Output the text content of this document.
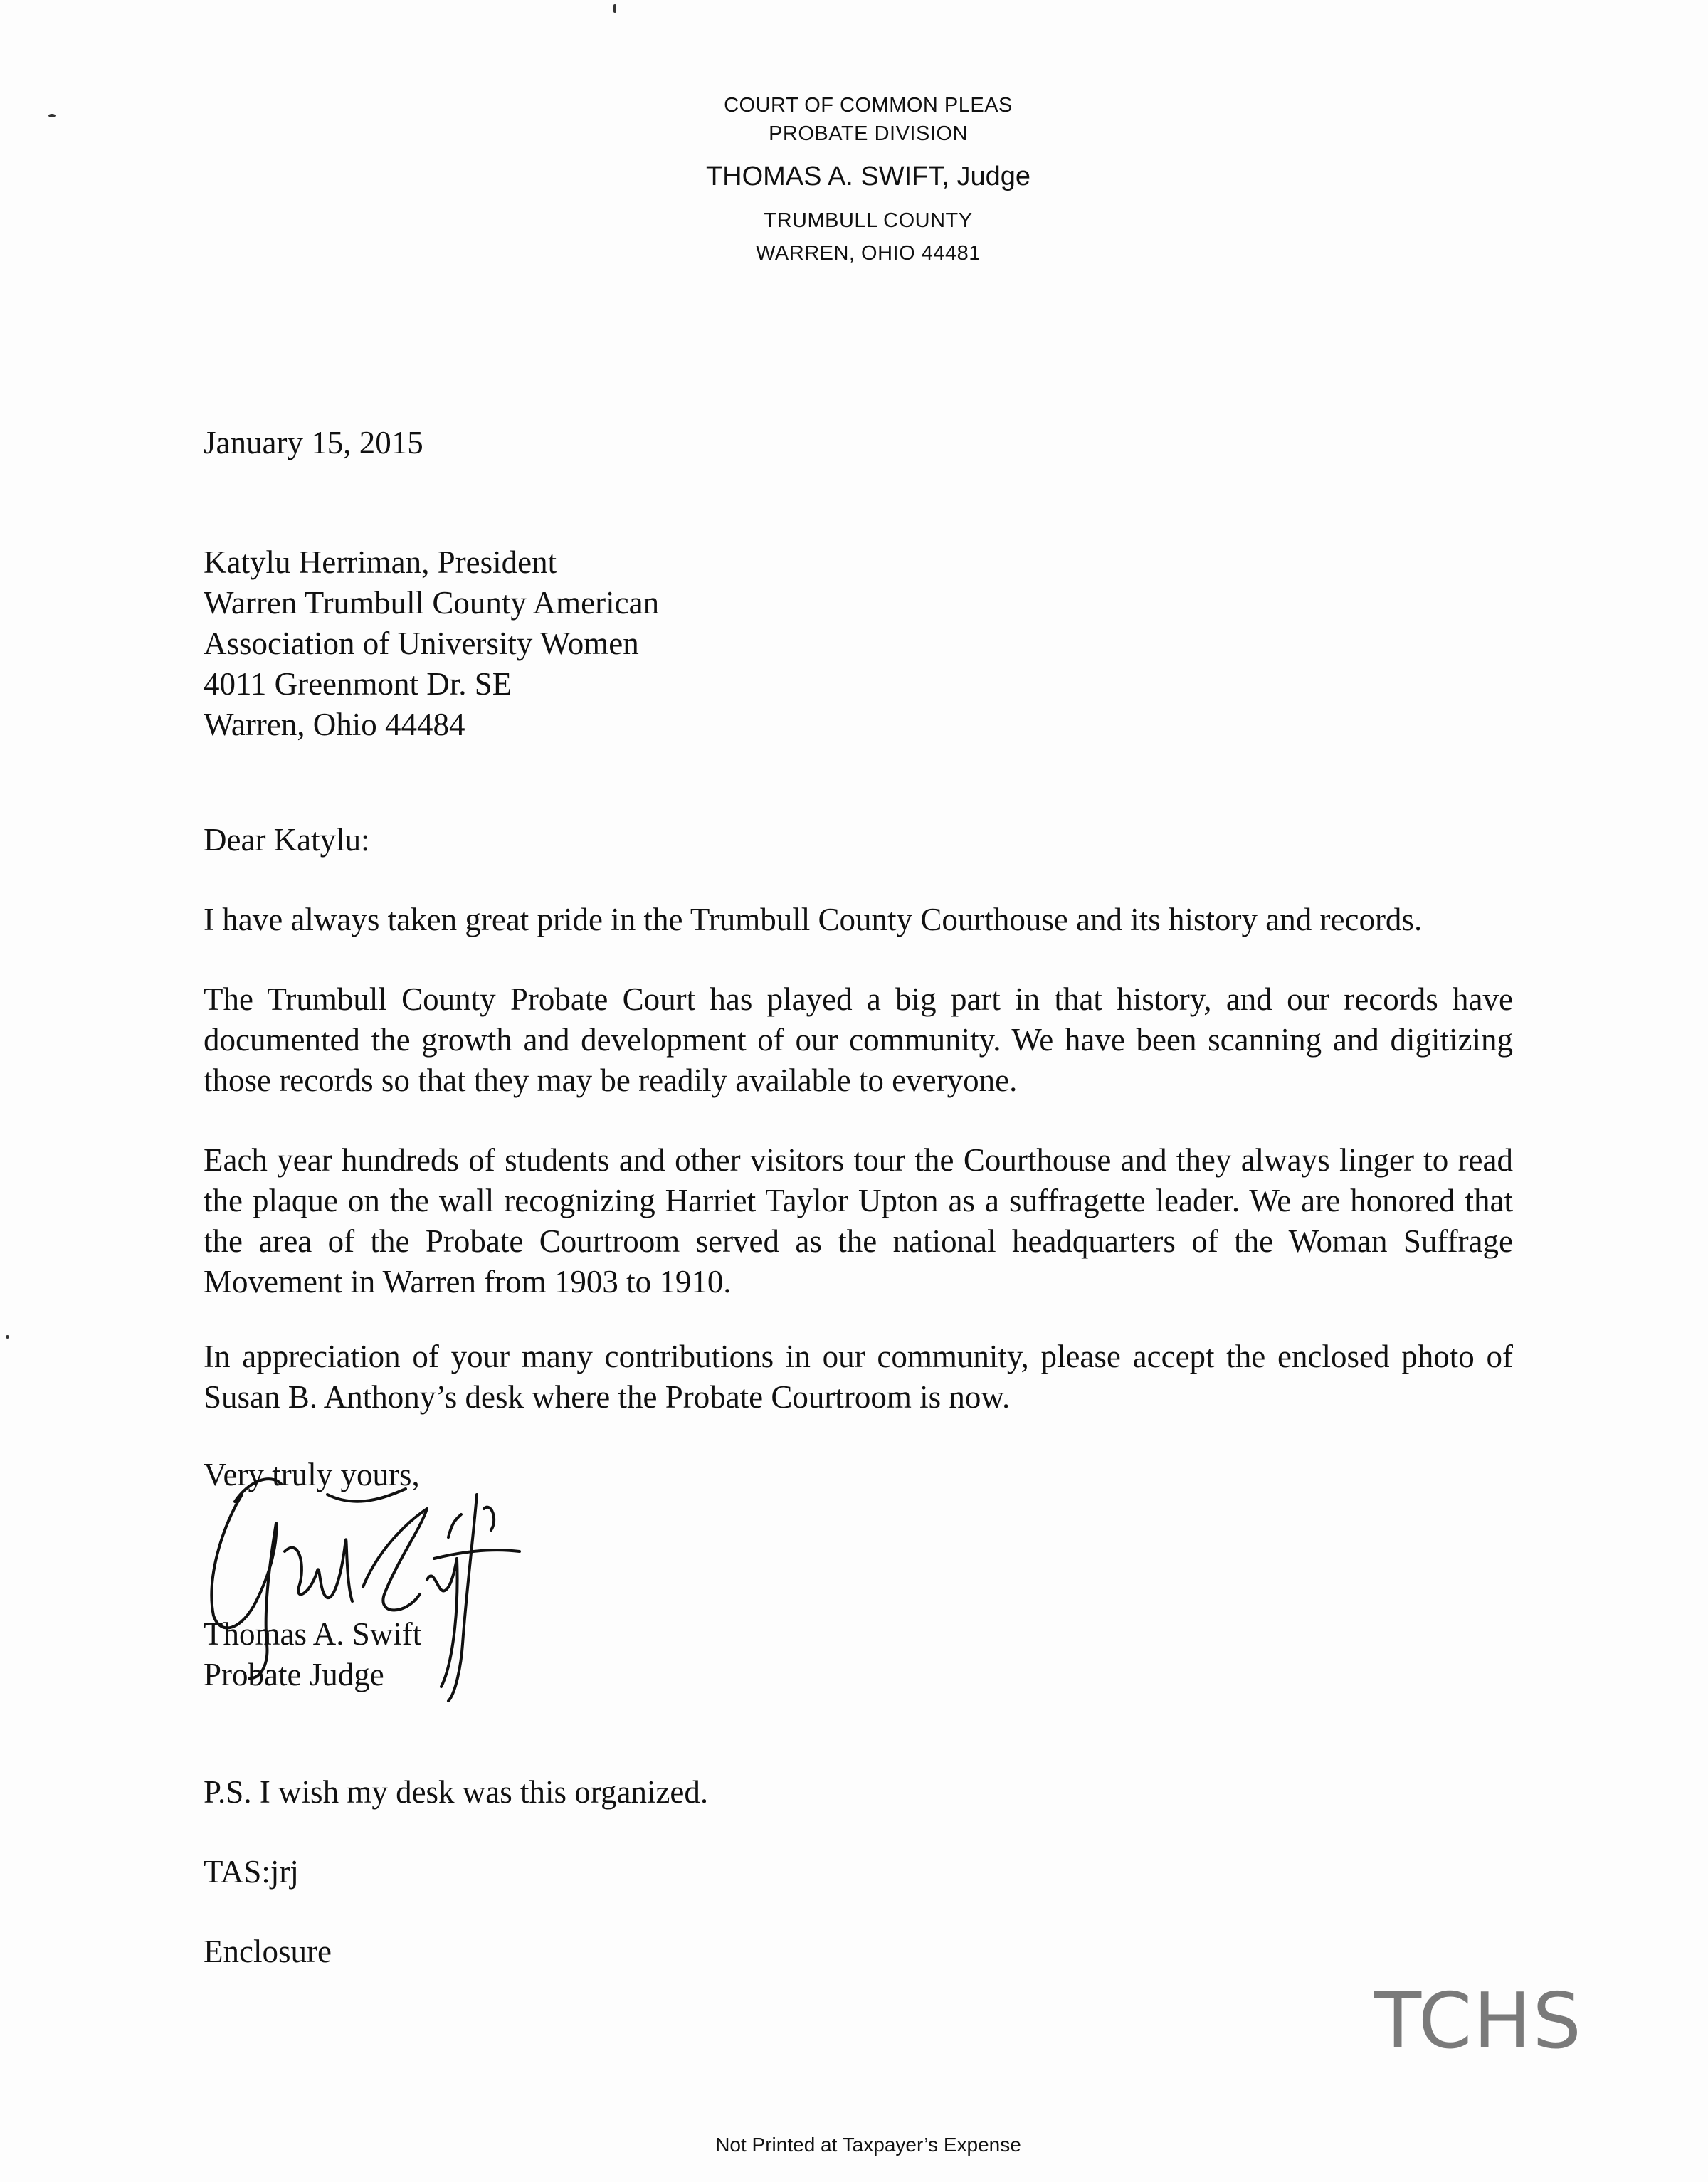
COURT OF COMMON PLEAS
PROBATE DIVISION
THOMAS A. SWIFT, Judge
TRUMBULL COUNTY
WARREN, OHIO 44481
January 15, 2015
Katylu Herriman, President
Warren Trumbull County American
Association of University Women
4011 Greenmont Dr. SE
Warren, Ohio 44484
Dear Katylu:

I have always taken great pride in the Trumbull County Courthouse and its history and records.

The Trumbull County Probate Court has played a big part in that history, and our records have documented the growth and development of our community. We have been scanning and digitizing those records so that they may be readily available to everyone.

Each year hundreds of students and other visitors tour the Courthouse and they always linger to read the plaque on the wall recognizing Harriet Taylor Upton as a suffragette leader. We are honored that the area of the Probate Courtroom served as the national headquarters of the Woman Suffrage Movement in Warren from 1903 to 1910.

In appreciation of your many contributions in our community, please accept the enclosed photo of Susan B. Anthony’s desk where the Probate Courtroom is now.

Very truly yours,
Thomas A. Swift
Probate Judge
P.S. I wish my desk was this organized.
TAS:jrj
Enclosure
TCHS
Not Printed at Taxpayer’s Expense
